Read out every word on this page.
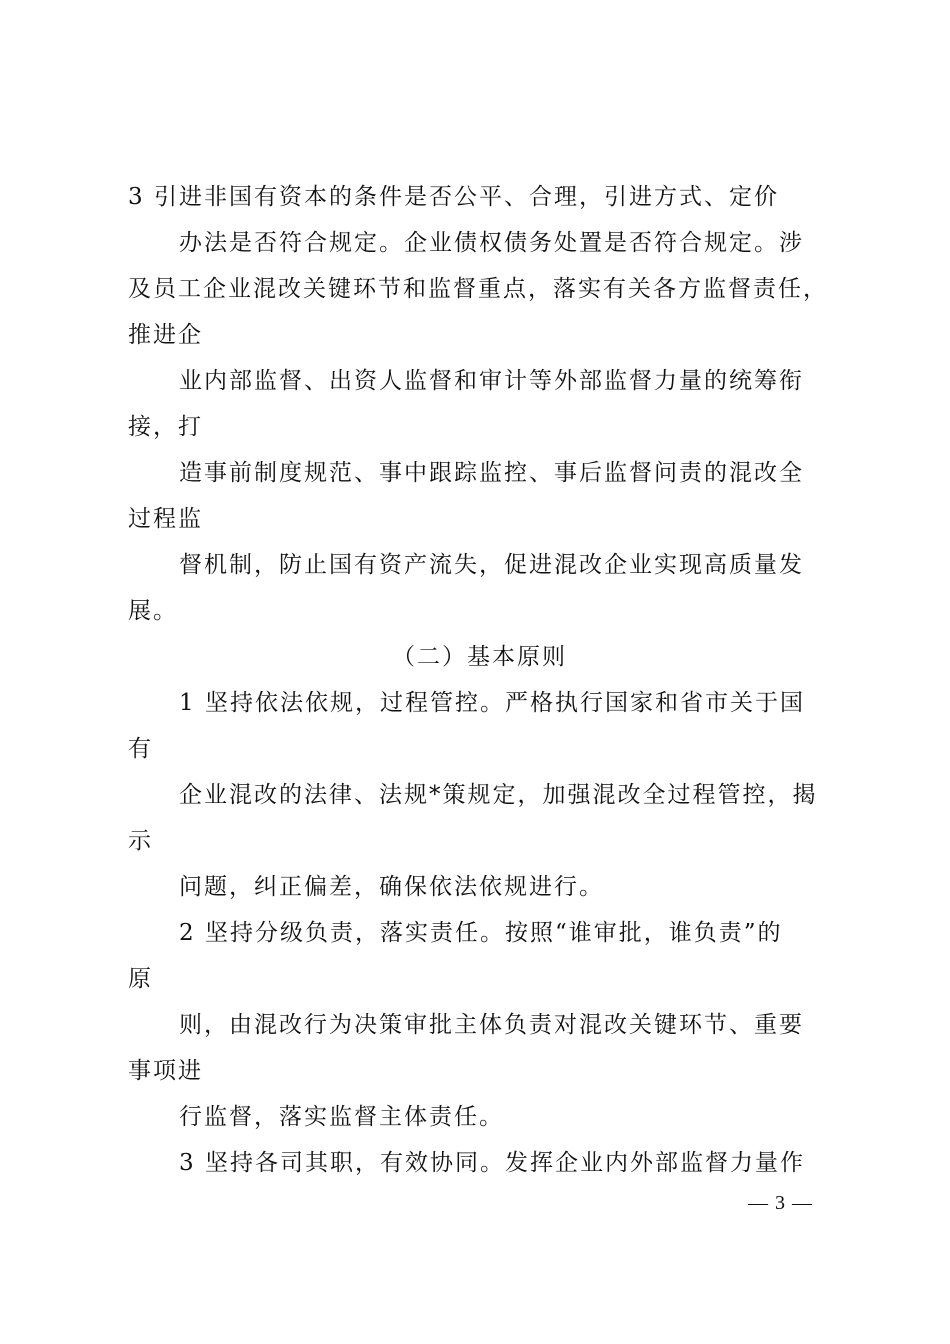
3 引进非国有资本的条件是否公平、合理，引进方式、定价
办法是否符合规定。企业债权债务处置是否符合规定。涉
及员工企业混改关键环节和监督重点，落实有关各方监督责任，
推进企
业内部监督、出资人监督和审计等外部监督力量的统筹衔
接，打
造事前制度规范、事中跟踪监控、事后监督问责的混改全
过程监
督机制，防止国有资产流失，促进混改企业实现高质量发
展。
（二）基本原则
1 坚持依法依规，过程管控。严格执行国家和省市关于国
有
企业混改的法律、法规*策规定，加强混改全过程管控，揭
示
问题，纠正偏差，确保依法依规进行。
2 坚持分级负责，落实责任。按照“谁审批，谁负责”的
原
则，由混改行为决策审批主体负责对混改关键环节、重要
事项进
行监督，落实监督主体责任。
3 坚持各司其职，有效协同。发挥企业内外部监督力量作
— 3 —
